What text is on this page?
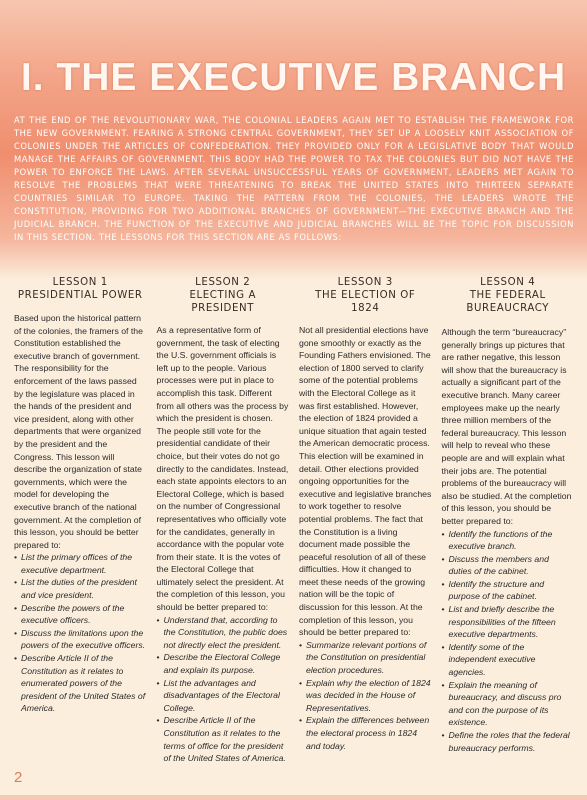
I. THE EXECUTIVE BRANCH
AT THE END OF THE REVOLUTIONARY WAR, THE COLONIAL LEADERS AGAIN MET TO ESTABLISH THE FRAMEWORK FOR THE NEW GOVERNMENT. FEARING A STRONG CENTRAL GOVERNMENT, THEY SET UP A LOOSELY KNIT ASSOCIATION OF COLONIES UNDER THE ARTICLES OF CONFEDERATION. THEY PROVIDED ONLY FOR A LEGISLATIVE BODY THAT WOULD MANAGE THE AFFAIRS OF GOVERNMENT. THIS BODY HAD THE POWER TO TAX THE COLONIES BUT DID NOT HAVE THE POWER TO ENFORCE THE LAWS. AFTER SEVERAL UNSUCCESSFUL YEARS OF GOVERNMENT, LEADERS MET AGAIN TO RESOLVE THE PROBLEMS THAT WERE THREATENING TO BREAK THE UNITED STATES INTO THIRTEEN SEPARATE COUNTRIES SIMILAR TO EUROPE. TAKING THE PATTERN FROM THE COLONIES, THE LEADERS WROTE THE CONSTITUTION, PROVIDING FOR TWO ADDITIONAL BRANCHES OF GOVERNMENT—THE EXECUTIVE BRANCH AND THE JUDICIAL BRANCH. THE FUNCTION OF THE EXECUTIVE AND JUDICIAL BRANCHES WILL BE THE TOPIC FOR DISCUSSION IN THIS SECTION. THE LESSONS FOR THIS SECTION ARE AS FOLLOWS:
LESSON 1
PRESIDENTIAL POWER

Based upon the historical pattern of the colonies, the framers of the Constitution established the executive branch of government. The responsibility for the enforcement of the laws passed by the legislature was placed in the hands of the president and vice president, along with other departments that were organized by the president and the Congress. This lesson will describe the organization of state governments, which were the model for developing the executive branch of the national government. At the completion of this lesson, you should be better prepared to:

• List the primary offices of the executive department.
• List the duties of the president and vice president.
• Describe the powers of the executive officers.
• Discuss the limitations upon the powers of the executive officers.
• Describe Article II of the Constitution as it relates to enumerated powers of the president of the United States of America.
LESSON 2
ELECTING A
PRESIDENT

As a representative form of government, the task of electing the U.S. government officials is left up to the people. Various processes were put in place to accomplish this task. Different from all others was the process by which the president is chosen. The people still vote for the presidential candidate of their choice, but their votes do not go directly to the candidates. Instead, each state appoints electors to an Electoral College, which is based on the number of Congressional representatives who officially vote for the candidates, generally in accordance with the popular vote from their state. It is the votes of the Electoral College that ultimately select the president. At the completion of this lesson, you should be better prepared to:

• Understand that, according to the Constitution, the public does not directly elect the president.
• Describe the Electoral College and explain its purpose.
• List the advantages and disadvantages of the Electoral College.
• Describe Article II of the Constitution as it relates to the terms of office for the president of the United States of America.
LESSON 3
THE ELECTION OF
1824

Not all presidential elections have gone smoothly or exactly as the Founding Fathers envisioned. The election of 1800 served to clarify some of the potential problems with the Electoral College as it was first established. However, the election of 1824 provided a unique situation that again tested the American democratic process. This election will be examined in detail. Other elections provided ongoing opportunities for the executive and legislative branches to work together to resolve potential problems. The fact that the Constitution is a living document made possible the peaceful resolution of all of these difficulties. How it changed to meet these needs of the growing nation will be the topic of discussion for this lesson. At the completion of this lesson, you should be better prepared to:

• Summarize relevant portions of the Constitution on presidential election procedures.
• Explain why the election of 1824 was decided in the House of Representatives.
• Explain the differences between the electoral process in 1824 and today.
LESSON 4
THE FEDERAL
BUREAUCRACY

Although the term “bureaucracy” generally brings up pictures that are rather negative, this lesson will show that the bureaucracy is actually a significant part of the executive branch. Many career employees make up the nearly three million members of the federal bureaucracy. This lesson will help to reveal who these people are and will explain what their jobs are. The potential problems of the bureaucracy will also be studied. At the completion of this lesson, you should be better prepared to:

• Identify the functions of the executive branch.
• Discuss the members and duties of the cabinet.
• Identify the structure and purpose of the cabinet.
• List and briefly describe the responsibilities of the fifteen executive departments.
• Identify some of the independent executive agencies.
• Explain the meaning of bureaucracy, and discuss pro and con the purpose of its existence.
• Define the roles that the federal bureaucracy performs.
2
